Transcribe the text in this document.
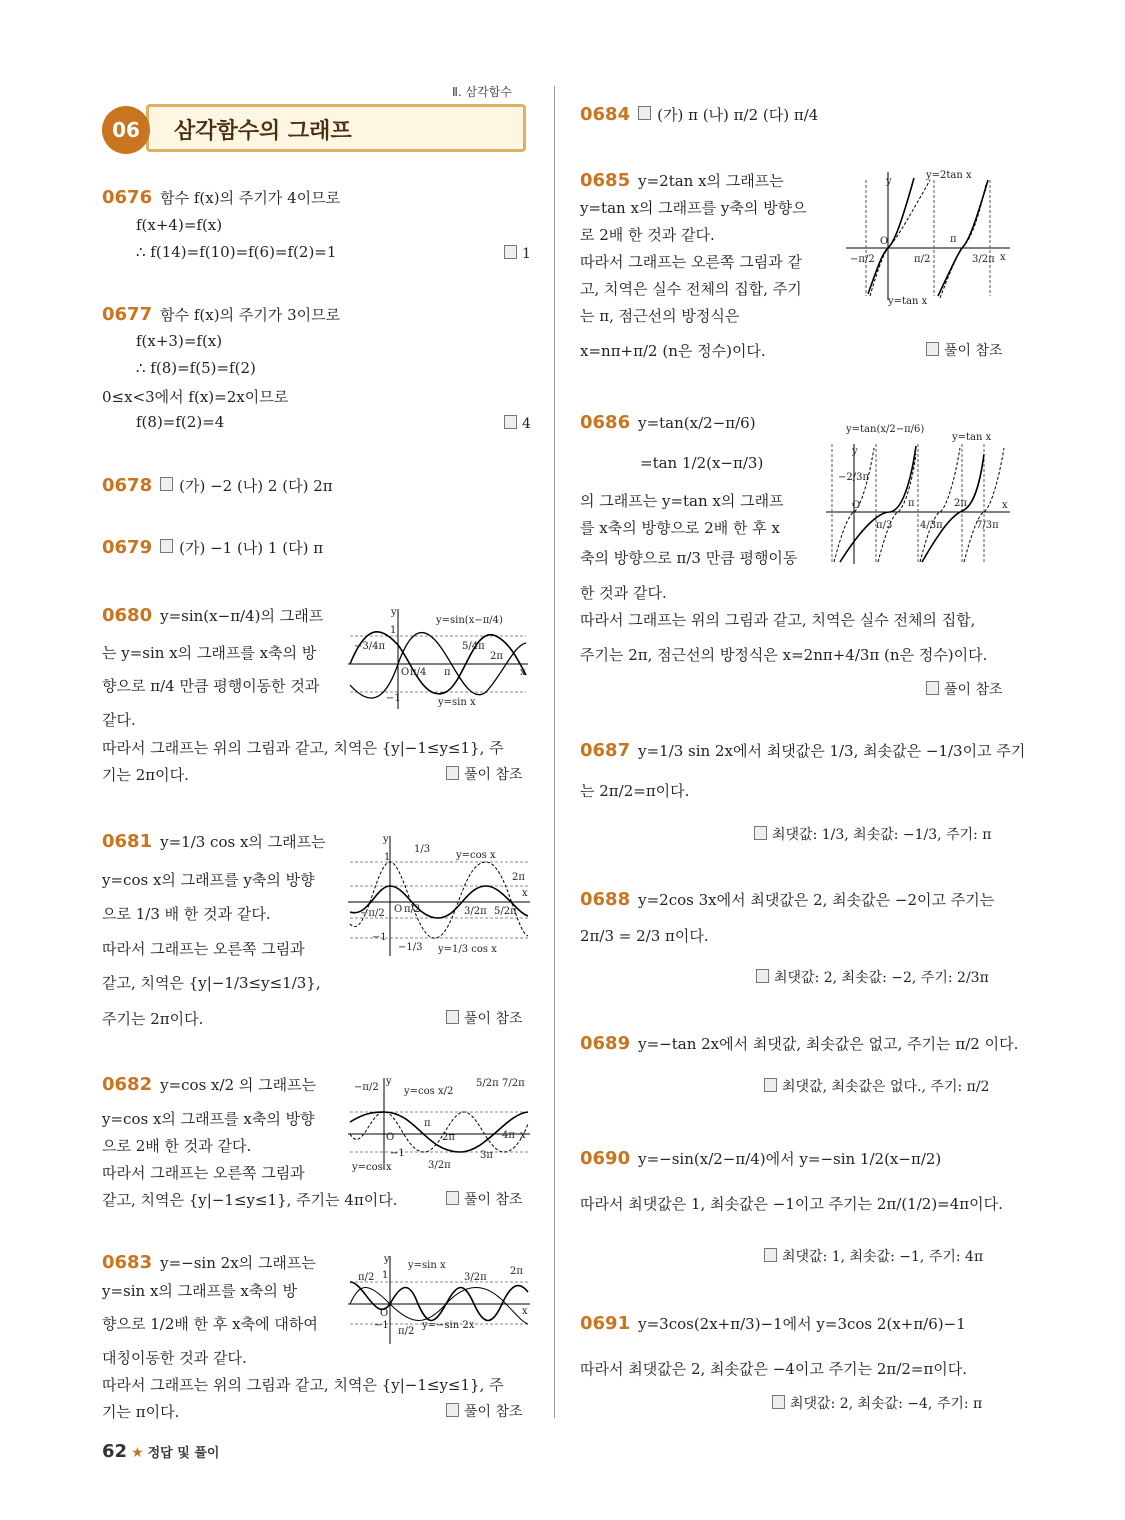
Ⅱ. 삼각함수
06	삼각함수의 그래프
0676 함수 f(x)의 주기가 4이므로
f(x+4)=f(x)
∴ f(14)=f(10)=f(6)=f(2)=1	1
0677 함수 f(x)의 주기가 3이므로
f(x+3)=f(x)
∴ f(8)=f(5)=f(2)
0≤x<3에서 f(x)=2x이므로
f(8)=f(2)=4	4
0678 (가) −2 (나) 2 (다) 2π
0679 (가) −1 (나) 1 (다) π
0680 y=sin(x−π/4)의 그래프
는 y=sin x의 그래프를 x축의 방
향으로 π/4 만큼 평행이동한 것과
같다.
따라서 그래프는 위의 그림과 같고, 치역은 {y|−1≤y≤1}, 주
기는 2π이다.	풀이 참조
y=sin(x−π/4)
y=sin x
−3/4π
π/4 π
5/4π
2π
x
O
1
−1
y
0681 y=1/3 cos x의 그래프는
y=cos x의 그래프를 y축의 방향
으로 1/3 배 한 것과 같다.
따라서 그래프는 오른쪽 그림과
같고, 치역은 {y|−1/3≤y≤1/3},
주기는 2π이다.	풀이 참조
y=cos x
y=1/3 cos x
1
1/3
2π
x
−π/2 π/2	3/2π 5/2π
−1
−1/3
O
y
0682 y=cos x/2 의 그래프는
y=cos x의 그래프를 x축의 방향
으로 2배 한 것과 같다.
따라서 그래프는 오른쪽 그림과
같고, 치역은 {y|−1≤y≤1}, 주기는 4π이다.	풀이 참조
y=cos x/2
y=cos x
−π/2	5/2π 7/2π
π
2π	4π x
O
−1
3/2π
3π
y
0683 y=−sin 2x의 그래프는
y=sin x의 그래프를 x축의 방
향으로 1/2배 한 후 x축에 대하여
대칭이동한 것과 같다.
따라서 그래프는 위의 그림과 같고, 치역은 {y|−1≤y≤1}, 주
기는 π이다.	풀이 참조
y=sin x
y=−sin 2x
π/2	3/2π
2π
x
O
1
−1
π/2
y
0684 (가) π (나) π/2 (다) π/4
0685 y=2tan x의 그래프는
y=tan x의 그래프를 y축의 방향으
로 2배 한 것과 같다.
따라서 그래프는 오른쪽 그림과 같
고, 치역은 실수 전체의 집합, 주기
는 π, 점근선의 방정식은
x=nπ+π/2 (n은 정수)이다.	풀이 참조
y=2tan x
y=tan x
−π/2	π/2
π
3/2π x
O
y
0686 y=tan(x/2−π/6)
=tan 1/2(x−π/3)
의 그래프는 y=tan x의 그래프
를 x축의 방향으로 2배 한 후 x
축의 방향으로 π/3 만큼 평행이동
한 것과 같다.
따라서 그래프는 위의 그림과 같고, 치역은 실수 전체의 집합,
주기는 2π, 점근선의 방정식은 x=2nπ+4/3π (n은 정수)이다.
풀이 참조
y=tan(x/2−π/6)
y=tan x
−2/3π
π/3
π
4/3π
2π
7/3π
x
O
y
0687 y=1/3 sin 2x에서 최댓값은 1/3, 최솟값은 −1/3이고 주기
는 2π/2=π이다.
최댓값: 1/3, 최솟값: −1/3, 주기: π
0688 y=2cos 3x에서 최댓값은 2, 최솟값은 −2이고 주기는
2π/3 = 2/3 π이다.
최댓값: 2, 최솟값: −2, 주기: 2/3π
0689 y=−tan 2x에서 최댓값, 최솟값은 없고, 주기는 π/2 이다.
최댓값, 최솟값은 없다., 주기: π/2
0690 y=−sin(x/2−π/4)에서 y=−sin 1/2(x−π/2)
따라서 최댓값은 1, 최솟값은 −1이고 주기는 2π/(1/2)=4π이다.
최댓값: 1, 최솟값: −1, 주기: 4π
0691 y=3cos(2x+π/3)−1에서 y=3cos 2(x+π/6)−1
따라서 최댓값은 2, 최솟값은 −4이고 주기는 2π/2=π이다.
최댓값: 2, 최솟값: −4, 주기: π
62 ★ 정답 및 풀이
